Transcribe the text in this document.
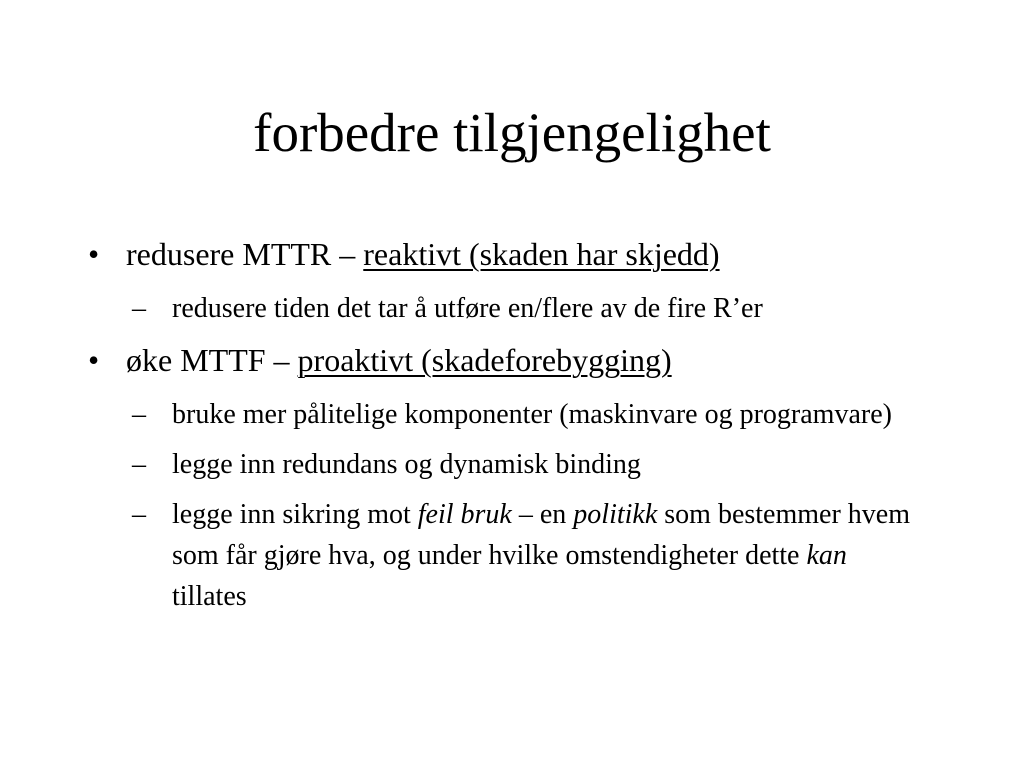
forbedre tilgjengelighet
• redusere MTTR – reaktivt (skaden har skjedd)
– redusere tiden det tar å utføre en/flere av de fire R’er
• øke MTTF – proaktivt (skadeforebygging)
– bruke mer pålitelige komponenter (maskinvare og programvare)
– legge inn redundans og dynamisk binding
– legge inn sikring mot feil bruk – en politikk som bestemmer hvem som får gjøre hva, og under hvilke omstendigheter dette kan tillates
